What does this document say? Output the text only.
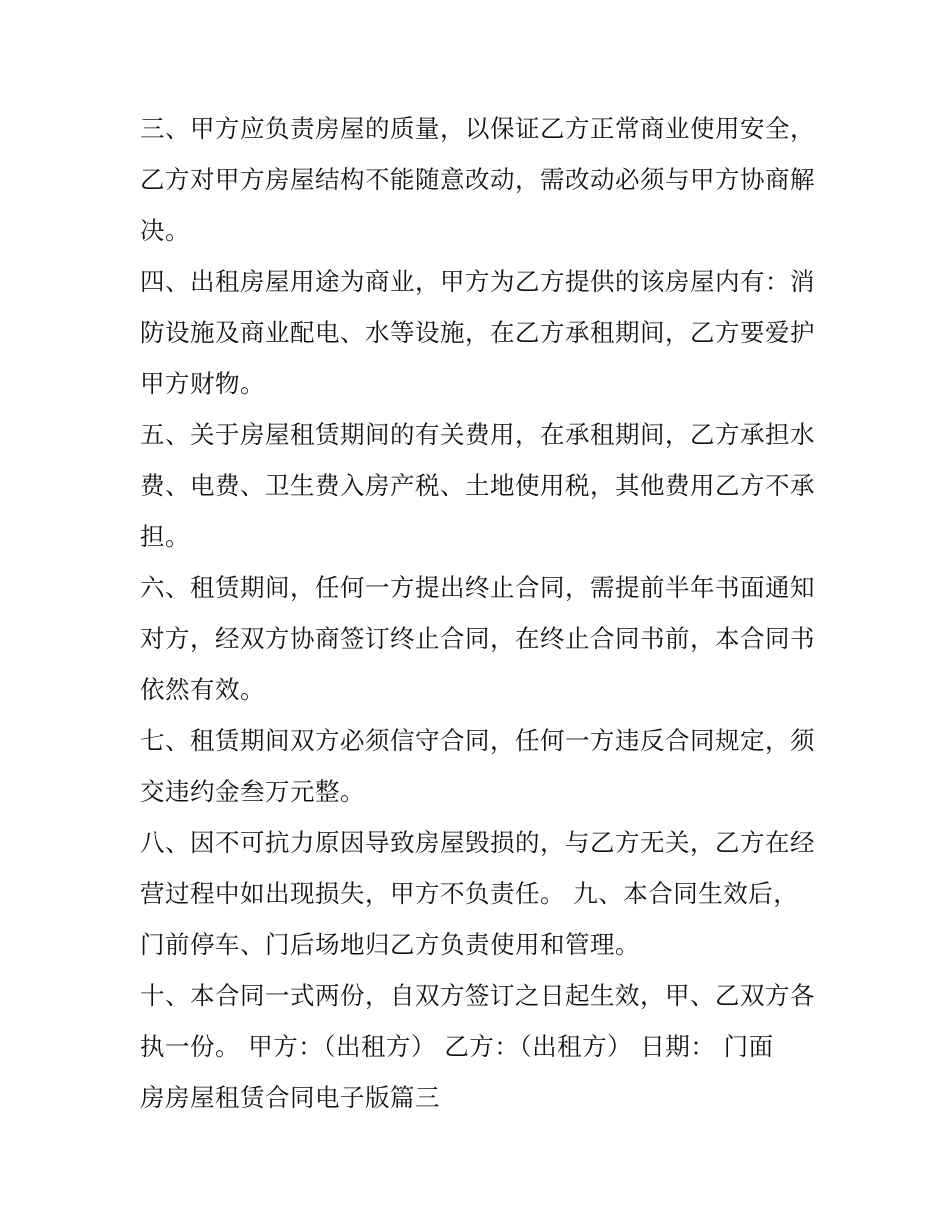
三、甲方应负责房屋的质量，以保证乙方正常商业使用安全，
乙方对甲方房屋结构不能随意改动，需改动必须与甲方协商解
决。
四、出租房屋用途为商业，甲方为乙方提供的该房屋内有：消
防设施及商业配电、水等设施，在乙方承租期间，乙方要爱护
甲方财物。
五、关于房屋租赁期间的有关费用，在承租期间，乙方承担水
费、电费、卫生费入房产税、土地使用税，其他费用乙方不承
担。
六、租赁期间，任何一方提出终止合同，需提前半年书面通知
对方，经双方协商签订终止合同，在终止合同书前，本合同书
依然有效。
七、租赁期间双方必须信守合同，任何一方违反合同规定，须
交违约金叁万元整。
八、因不可抗力原因导致房屋毁损的，与乙方无关，乙方在经
营过程中如出现损失，甲方不负责任。 九、本合同生效后，
门前停车、门后场地归乙方负责使用和管理。
十、本合同一式两份，自双方签订之日起生效，甲、乙双方各
执一份。 甲方：（出租方） 乙方：（出租方） 日期： 门面
房房屋租赁合同电子版篇三
